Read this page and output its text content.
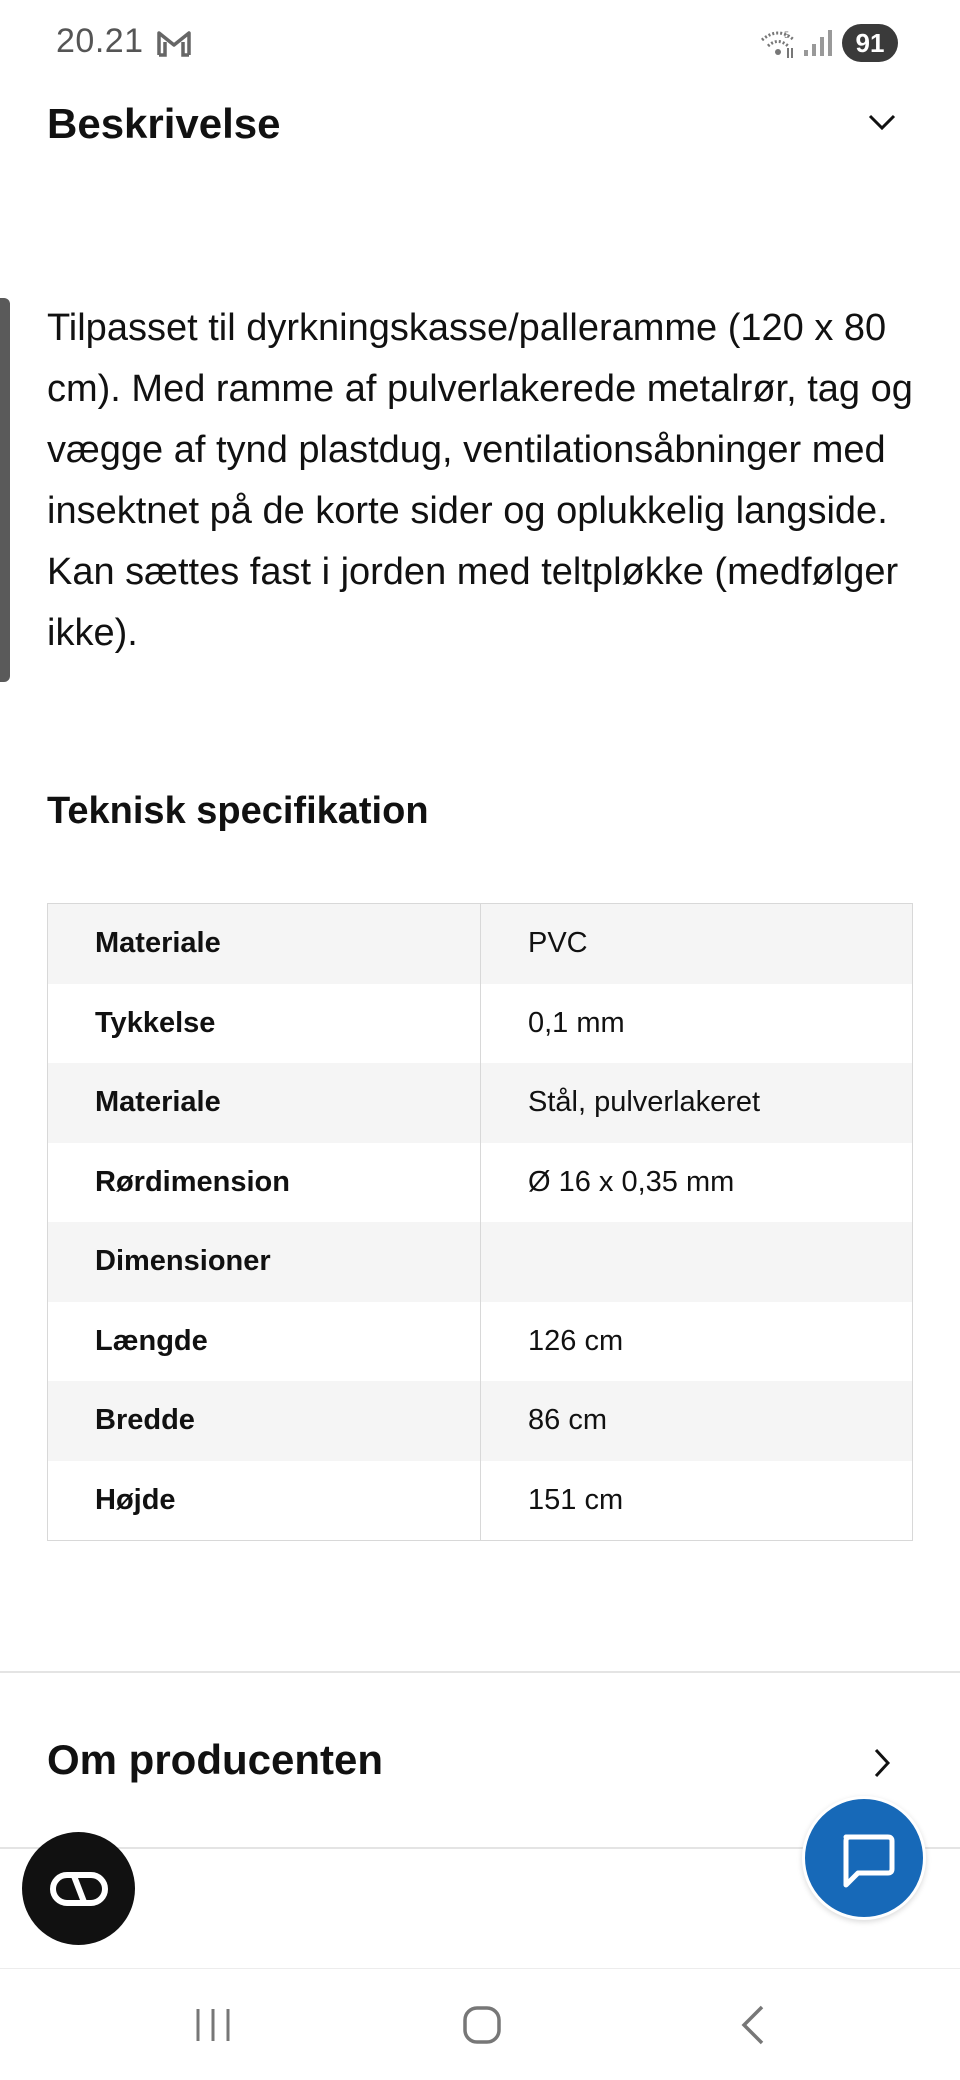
20.21	5	91
Beskrivelse

Tilpasset til dyrkningskasse/palleramme (120 x 80 cm). Med ramme af pulverlakerede metalrør, tag og vægge af tynd plastdug, ventilationsåbninger med insektnet på de korte sider og oplukkelig langside. Kan sættes fast i jorden med teltpløkke (medfølger ikke).

Teknisk specifikation
Materiale	PVC
Tykkelse	0,1 mm
Materiale	Stål, pulverlakeret
Rørdimension	Ø 16 x 0,35 mm
Dimensioner
Længde	126 cm
Bredde	86 cm
Højde	151 cm
Om producenten
